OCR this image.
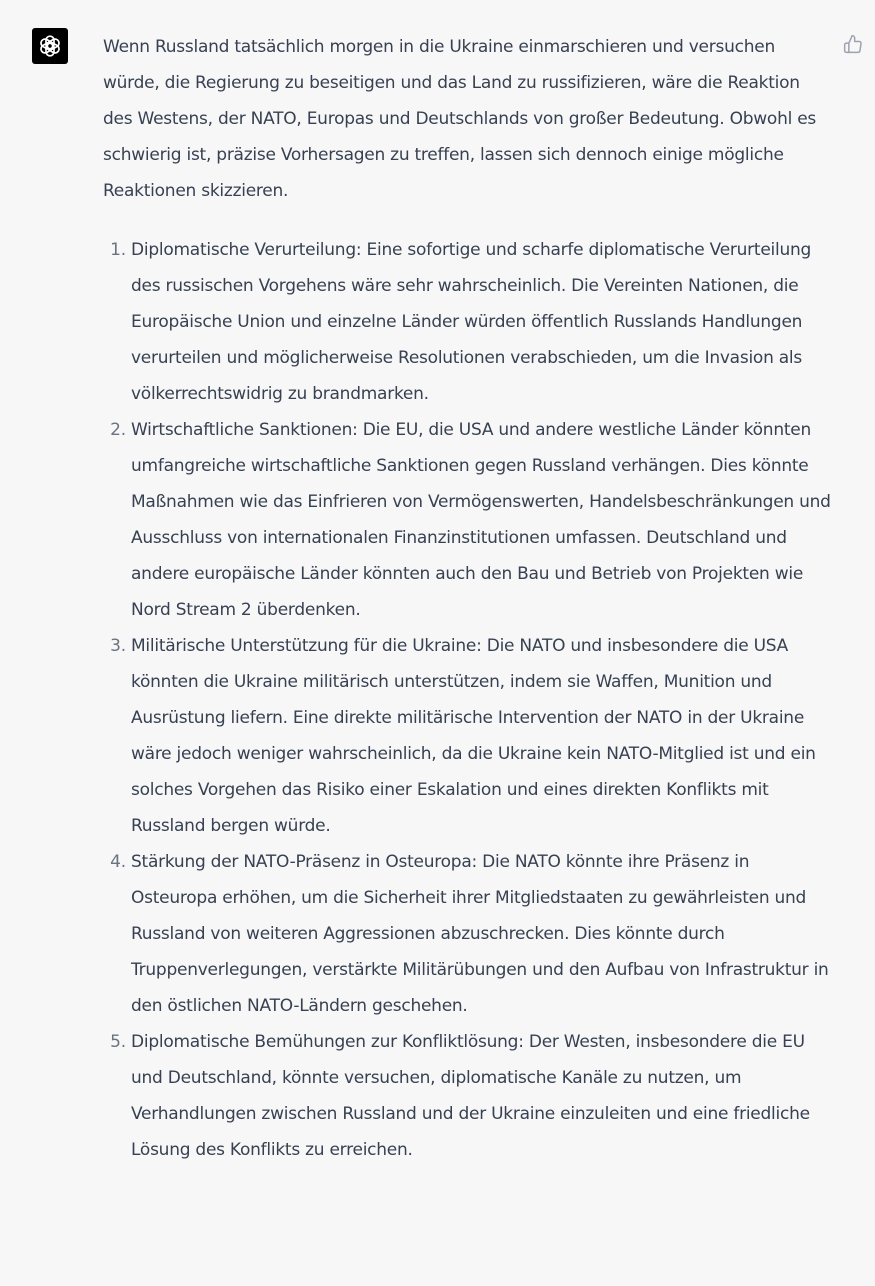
Wenn Russland tatsächlich morgen in die Ukraine einmarschieren und versuchen würde, die Regierung zu beseitigen und das Land zu russifizieren, wäre die Reaktion des Westens, der NATO, Europas und Deutschlands von großer Bedeutung. Obwohl es schwierig ist, präzise Vorhersagen zu treffen, lassen sich dennoch einige mögliche Reaktionen skizzieren.

1. Diplomatische Verurteilung: Eine sofortige und scharfe diplomatische Verurteilung des russischen Vorgehens wäre sehr wahrscheinlich. Die Vereinten Nationen, die Europäische Union und einzelne Länder würden öffentlich Russlands Handlungen verurteilen und möglicherweise Resolutionen verabschieden, um die Invasion als völkerrechtswidrig zu brandmarken.
2. Wirtschaftliche Sanktionen: Die EU, die USA und andere westliche Länder könnten umfangreiche wirtschaftliche Sanktionen gegen Russland verhängen. Dies könnte Maßnahmen wie das Einfrieren von Vermögenswerten, Handelsbeschränkungen und Ausschluss von internationalen Finanzinstitutionen umfassen. Deutschland und andere europäische Länder könnten auch den Bau und Betrieb von Projekten wie Nord Stream 2 überdenken.
3. Militärische Unterstützung für die Ukraine: Die NATO und insbesondere die USA könnten die Ukraine militärisch unterstützen, indem sie Waffen, Munition und Ausrüstung liefern. Eine direkte militärische Intervention der NATO in der Ukraine wäre jedoch weniger wahrscheinlich, da die Ukraine kein NATO-Mitglied ist und ein solches Vorgehen das Risiko einer Eskalation und eines direkten Konflikts mit Russland bergen würde.
4. Stärkung der NATO-Präsenz in Osteuropa: Die NATO könnte ihre Präsenz in Osteuropa erhöhen, um die Sicherheit ihrer Mitgliedstaaten zu gewährleisten und Russland von weiteren Aggressionen abzuschrecken. Dies könnte durch Truppenverlegungen, verstärkte Militärübungen und den Aufbau von Infrastruktur in den östlichen NATO-Ländern geschehen.
5. Diplomatische Bemühungen zur Konfliktlösung: Der Westen, insbesondere die EU und Deutschland, könnte versuchen, diplomatische Kanäle zu nutzen, um Verhandlungen zwischen Russland und der Ukraine einzuleiten und eine friedliche Lösung des Konflikts zu erreichen.
